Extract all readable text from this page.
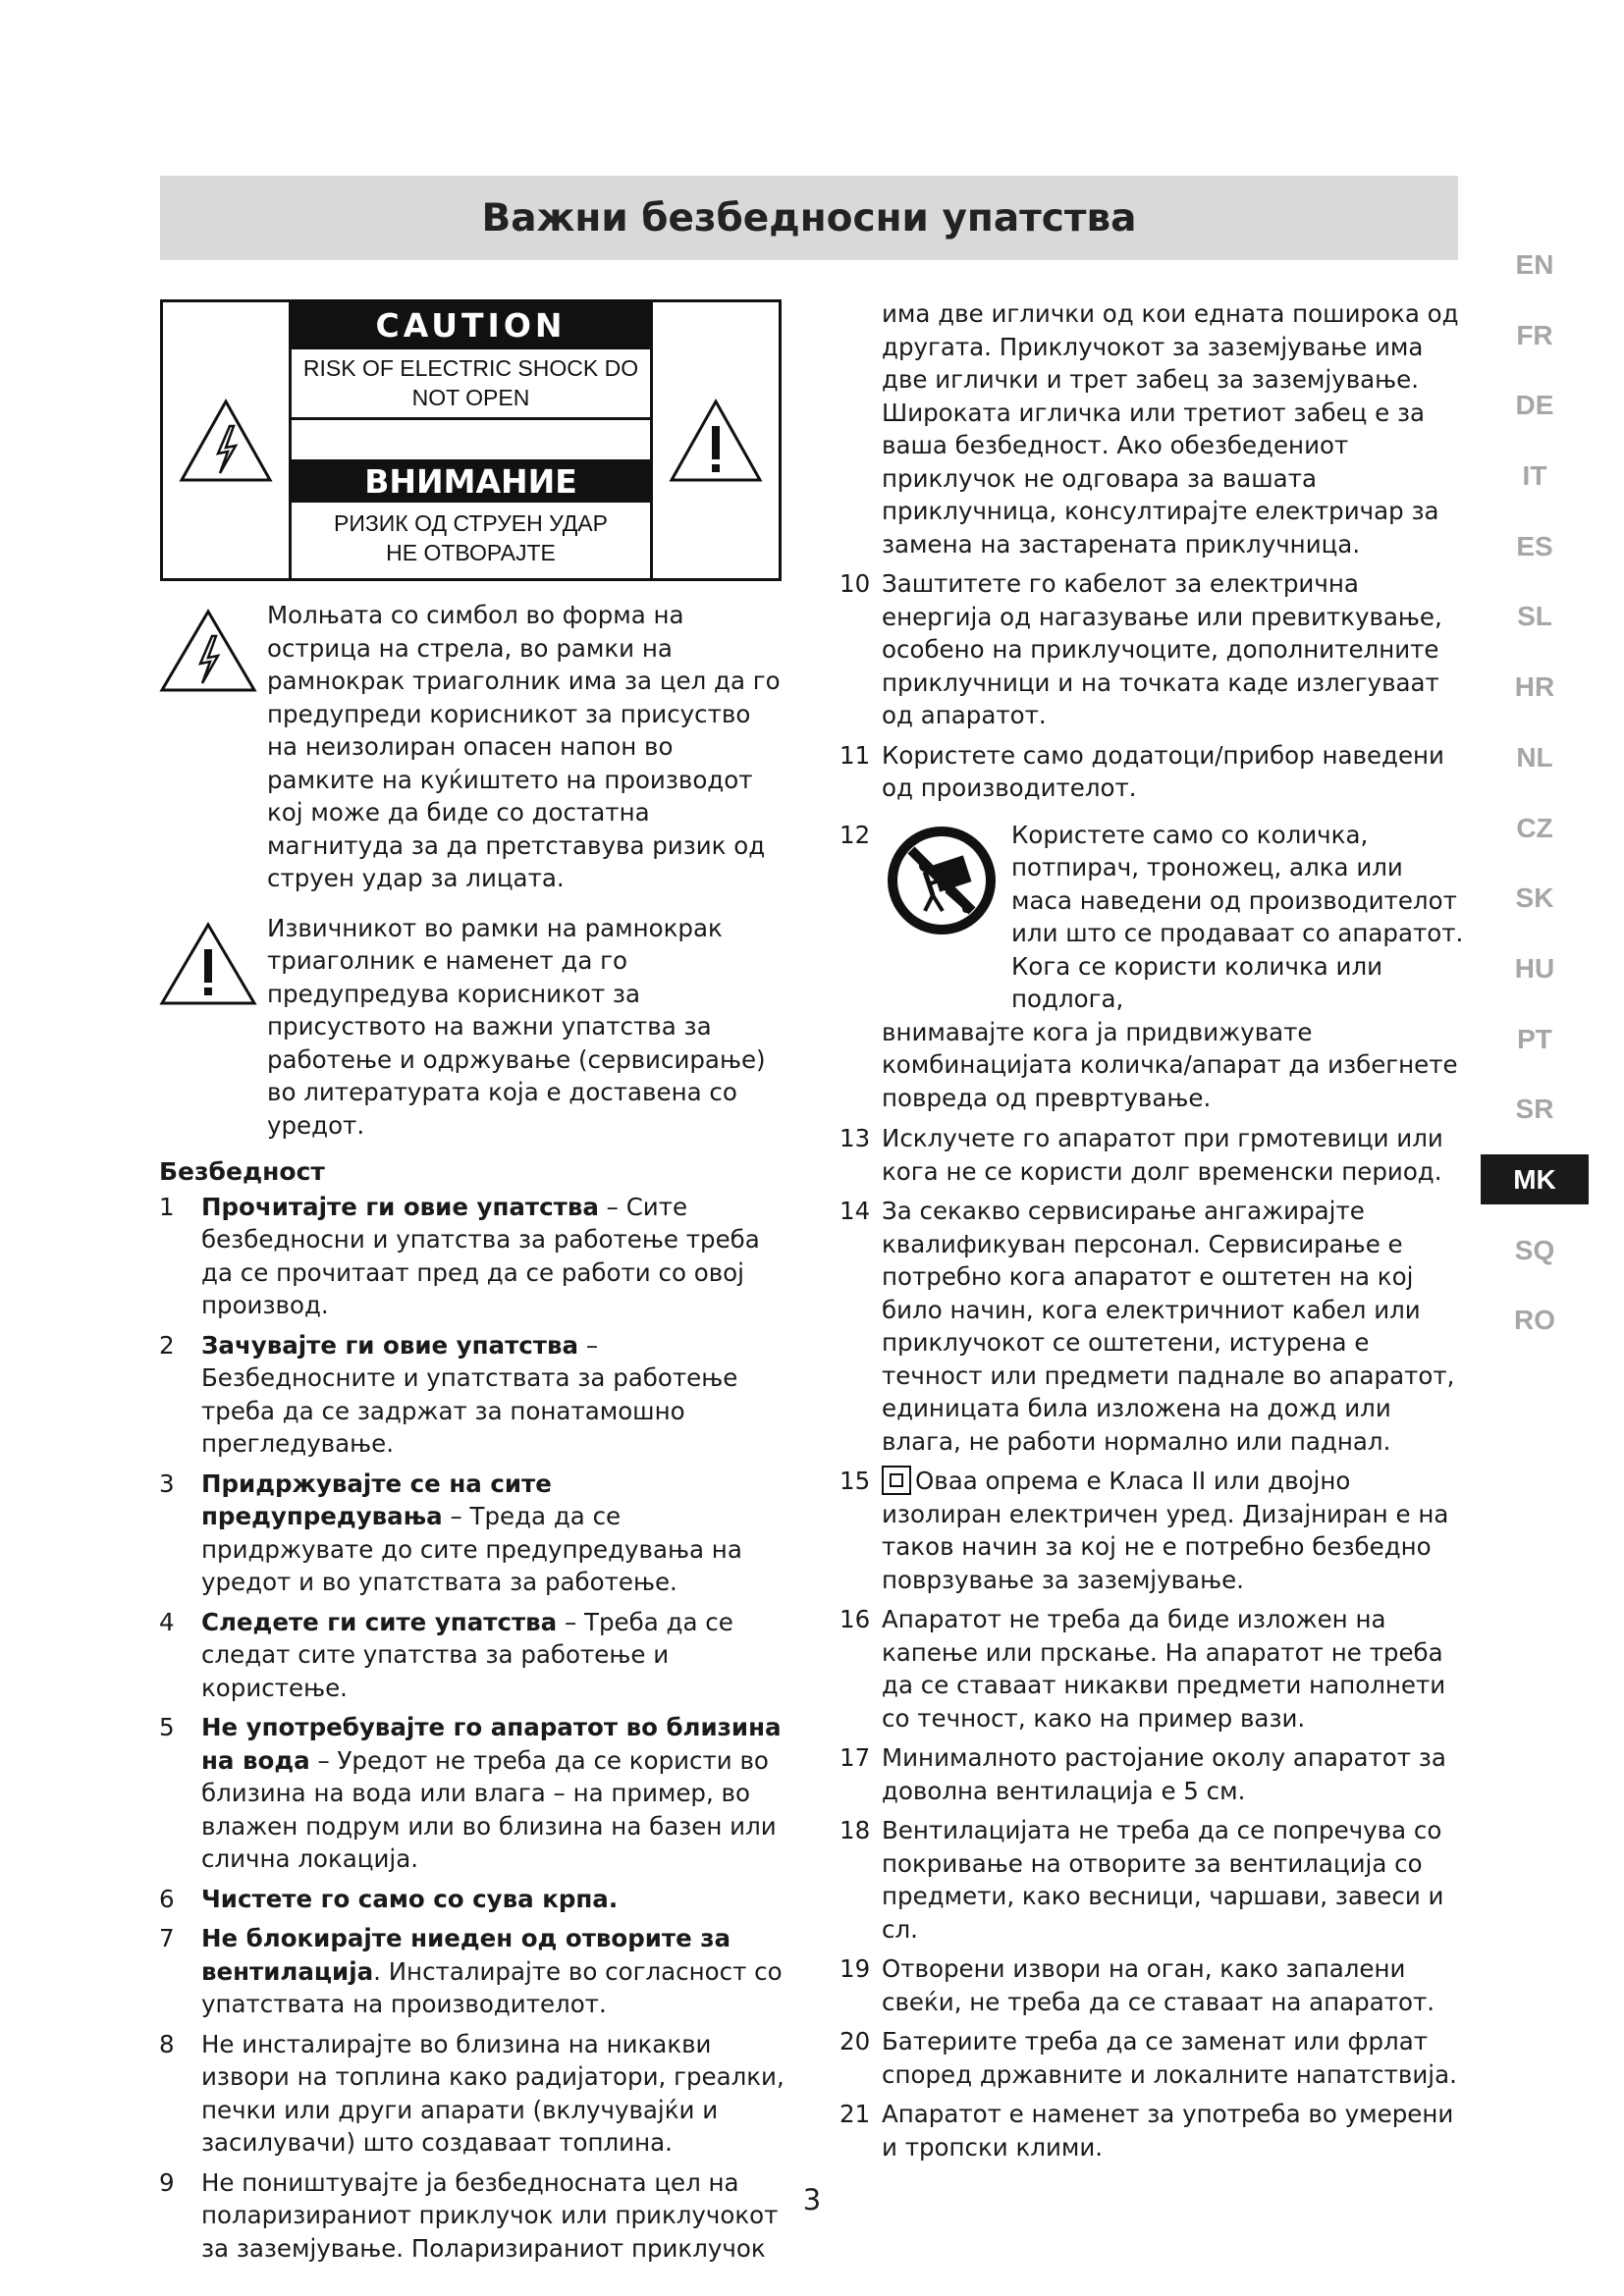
Важни безбедносни упатства
CAUTION
RISK OF ELECTRIC SHOCK DO NOT OPEN
ВНИМАНИЕ
РИЗИК ОД СТРУЕН УДАР
НЕ ОТВОРАЈТЕ
Молњата со симбол во форма на острица на стрела, во рамки на рамнокрак триаголник има за цел да го предупреди корисникот за присуство на неизолиран опасен напон во рамките на куќиштето на производот кој може да биде со достатна магнитуда за да претставува ризик од струен удар за лицата.
Извичникот во рамки на рамнокрак триаголник е наменет да го предупредува корисникот за присуството на важни упатства за работење и одржување (сервисирање) во литературата која е доставена со уредот.
Безбедност
1 Прочитајте ги овие упатства – Сите безбедносни и упатства за работење треба да се прочитаат пред да се работи со овој производ.
2 Зачувајте ги овие упатства – Безбедносните и упатствата за работење треба да се задржат за понатамошно прегледување.
3 Придржувајте се на сите предупредувања – Треда да се придржувате до сите предупредувања на уредот и во упатствата за работење.
4 Следете ги сите упатства – Треба да се следат сите упатства за работење и користење.
5 Не употребувајте го апаратот во близина на вода – Уредот не треба да се користи во близина на вода или влага – на пример, во влажен подрум или во близина на базен или слична локација.
6 Чистете го само со сува крпа.
7 Не блокирајте ниеден од отворите за вентилација. Инсталирајте во согласност со упатствата на производителот.
8 Не инсталирајте во близина на никакви извори на топлина како радијатори, греалки, печки или други апарати (вклучувајќи и засилувачи) што создаваат топлина.
9 Не поништувајте ја безбедносната цел на поларизираниот приклучок или приклучокот за заземјување. Поларизираниот приклучок
има две иглички од кои едната поширока од другата. Приклучокот за заземјување има две иглички и трет забец за заземјување. Широката игличка или третиот забец е за ваша безбедност. Ако обезбедениот приклучок не одговара за вашата приклучница, консултирајте електричар за замена на застарената приклучница.
10 Заштитете го кабелот за електрична енергија од нагазување или превиткување, особено на приклучоците, дополнителните приклучници и на точката каде излегуваат од апаратот.
11 Користете само додатоци/прибор наведени од производителот.
12	Користете само со количка, потпирач, троножец, алка или маса наведени од производителот или што се продаваат со апаратот. Кога се користи количка или подлога,
внимавајте кога ја придвижувате комбинацијата количка/апарат да избегнете повреда од превртување.
13 Исклучете го апаратот при грмотевици или кога не се користи долг временски период.
14 За секакво сервисирање ангажирајте квалификуван персонал. Сервисирање е потребно кога апаратот е оштетен на кој било начин, кога електричниот кабел или приклучокот се оштетени, истурена е течност или предмети паднале во апаратот, единицата била изложена на дожд или влага, не работи нормално или паднал.
15 Оваа опрема е Класа II или двојно изолиран електричен уред. Дизајниран е на таков начин за кој не е потребно безбедно поврзување за заземјување.
16 Апаратот не треба да биде изложен на капење или прскање. На апаратот не треба да се ставаат никакви предмети наполнети со течност, како на пример вази.
17 Минималното растојание околу апаратот за доволна вентилација е 5 см.
18 Вентилацијата не треба да се попречува со покривање на отворите за вентилација со предмети, како весници, чаршави, завеси и сл.
19 Отворени извори на оган, како запалени свеќи, не треба да се ставаат на апаратот.
20 Батериите треба да се заменат или фрлат според државните и локалните напатствија.
21 Апаратот е наменет за употреба во умерени и тропски клими.
EN
FR
DE
IT
ES
SL
HR
NL
CZ
SK
HU
PT
SR
MK
SQ
RO
3
